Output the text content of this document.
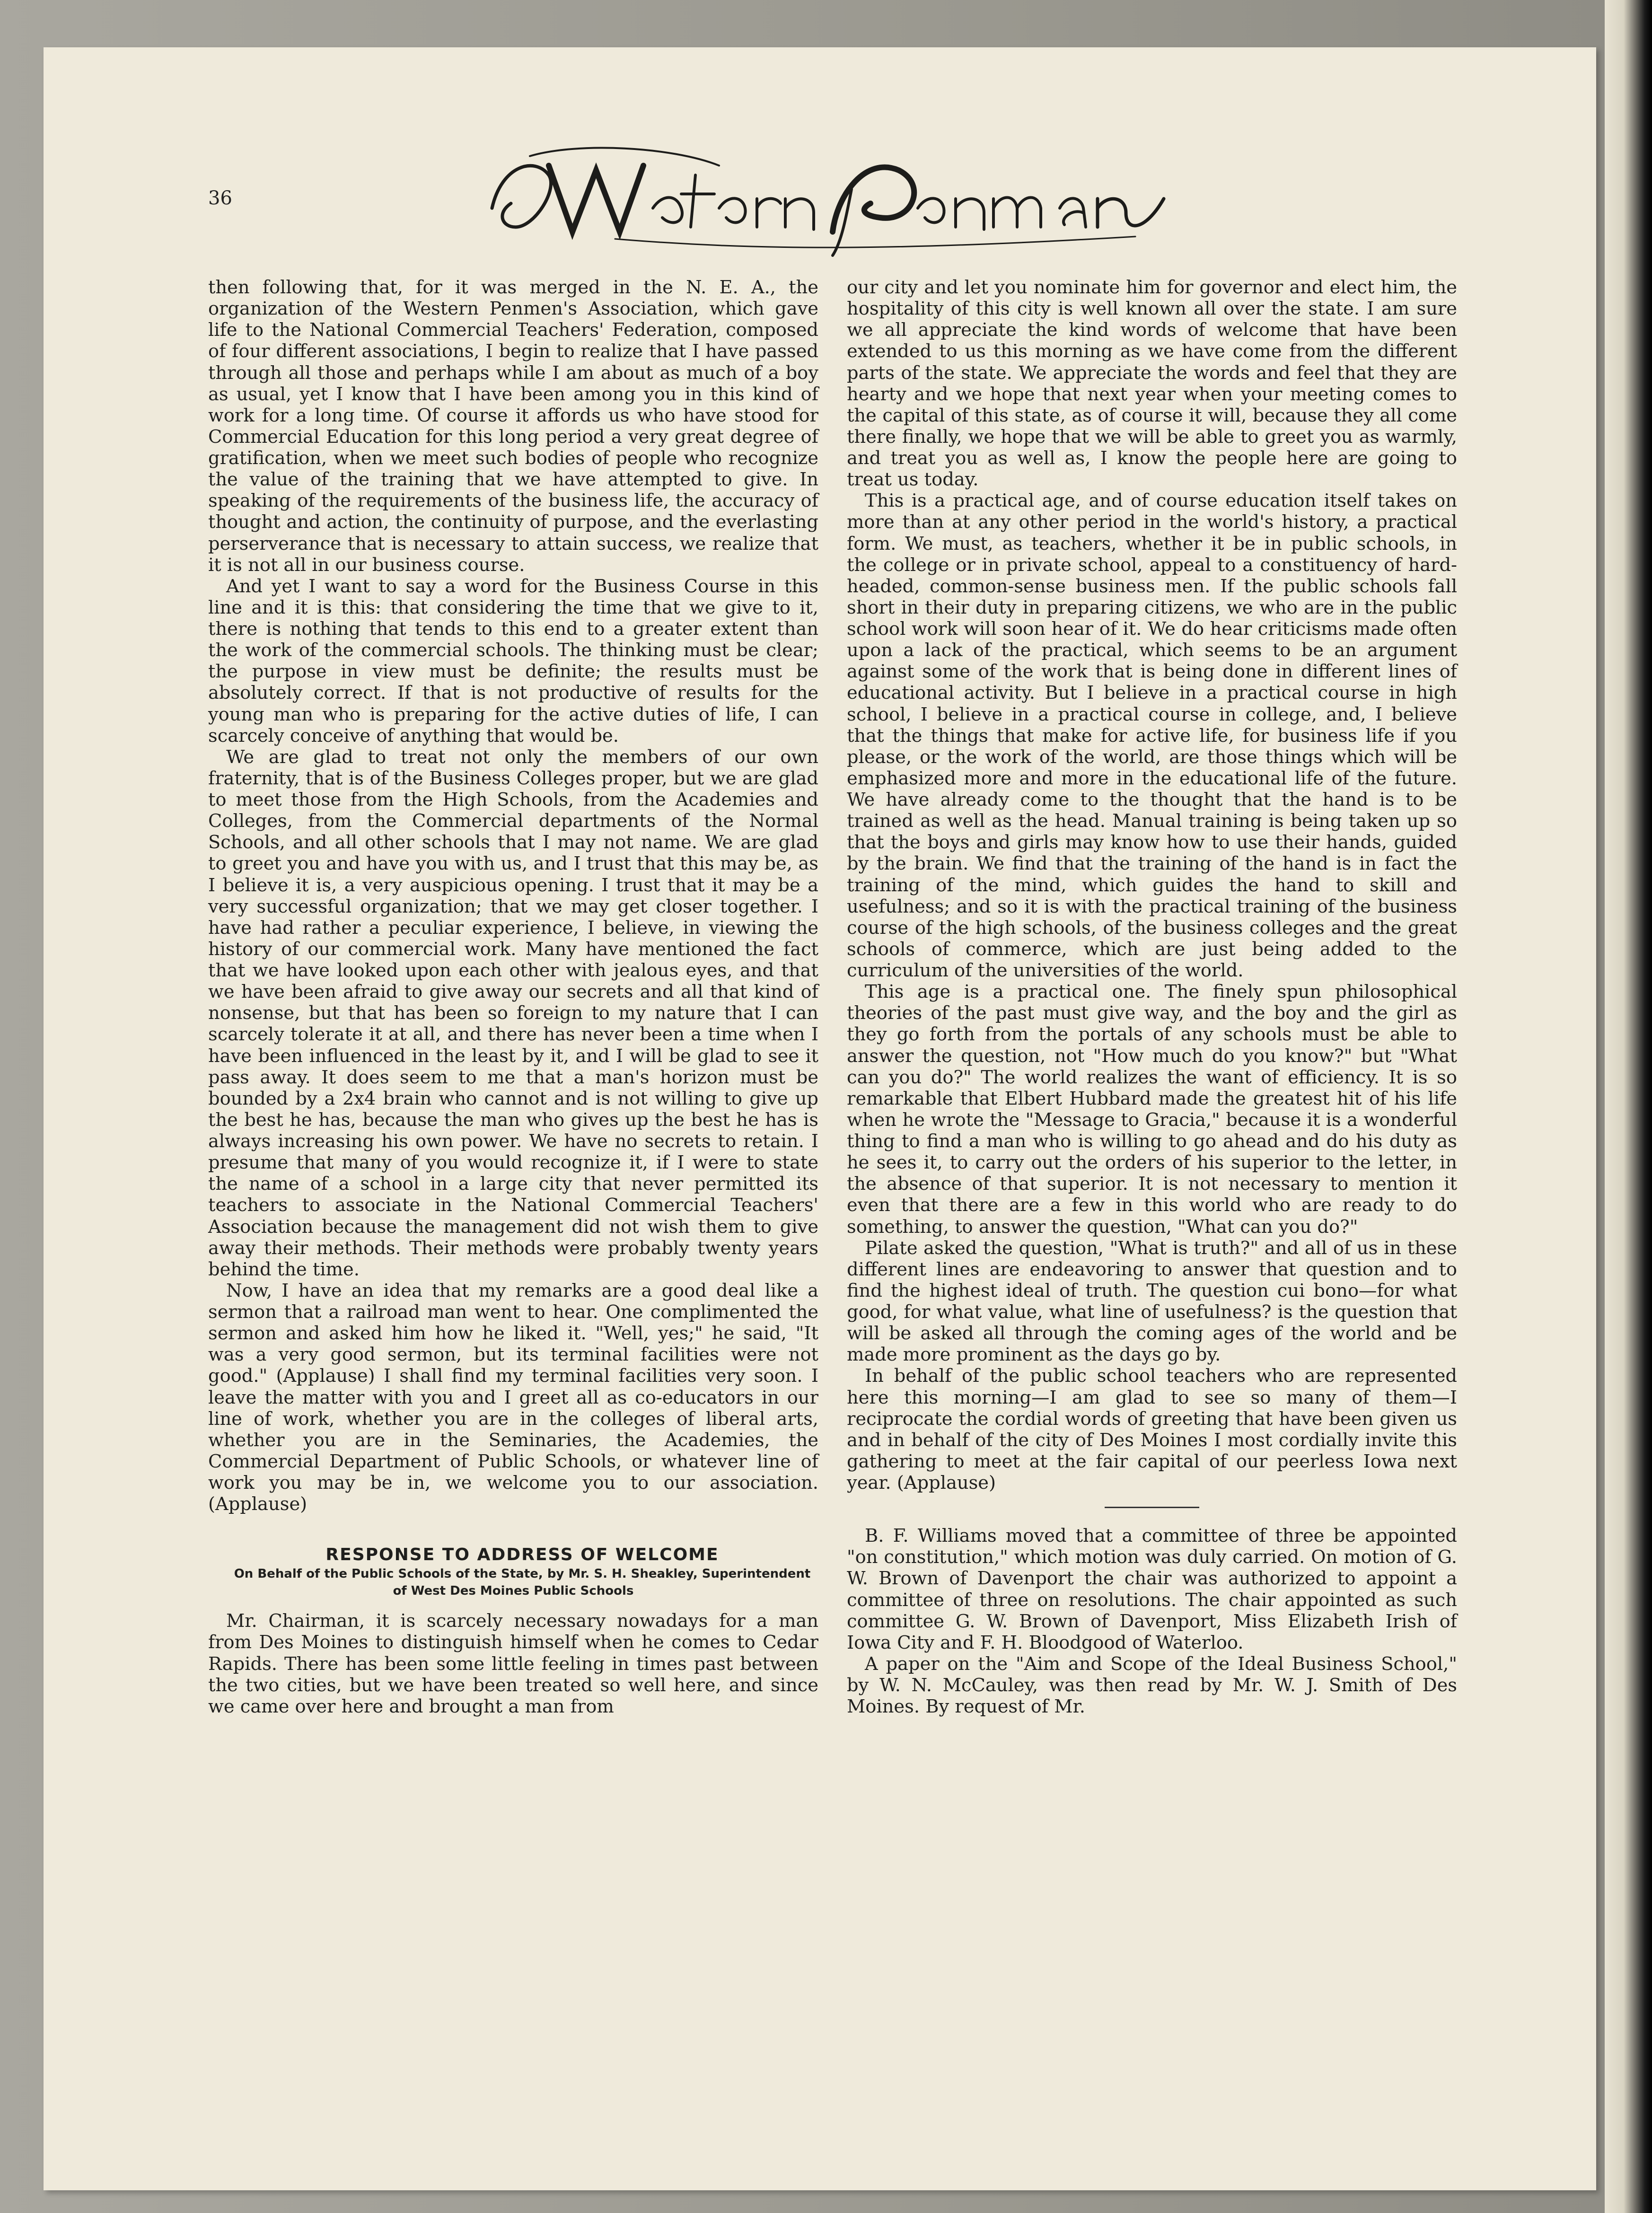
36

then following that, for it was merged in the N. E. A., the organization of the Western Penmen's Association, which gave life to the National Commercial Teachers' Federation, composed of four different associations, I begin to realize that I have passed through all those and perhaps while I am about as much of a boy as usual, yet I know that I have been among you in this kind of work for a long time. Of course it affords us who have stood for Commercial Education for this long period a very great degree of gratification, when we meet such bodies of people who recognize the value of the training that we have attempted to give. In speaking of the requirements of the business life, the accuracy of thought and action, the continuity of purpose, and the everlasting perserverance that is necessary to attain success, we realize that it is not all in our business course.

And yet I want to say a word for the Business Course in this line and it is this: that considering the time that we give to it, there is nothing that tends to this end to a greater extent than the work of the commercial schools. The thinking must be clear; the purpose in view must be definite; the results must be absolutely correct. If that is not productive of results for the young man who is preparing for the active duties of life, I can scarcely conceive of anything that would be.

We are glad to treat not only the members of our own fraternity, that is of the Business Colleges proper, but we are glad to meet those from the High Schools, from the Academies and Colleges, from the Commercial departments of the Normal Schools, and all other schools that I may not name. We are glad to greet you and have you with us, and I trust that this may be, as I believe it is, a very auspicious opening. I trust that it may be a very successful organization; that we may get closer together. I have had rather a peculiar experience, I believe, in viewing the history of our commercial work. Many have mentioned the fact that we have looked upon each other with jealous eyes, and that we have been afraid to give away our secrets and all that kind of nonsense, but that has been so foreign to my nature that I can scarcely tolerate it at all, and there has never been a time when I have been influenced in the least by it, and I will be glad to see it pass away. It does seem to me that a man's horizon must be bounded by a 2x4 brain who cannot and is not willing to give up the best he has, because the man who gives up the best he has is always increasing his own power. We have no secrets to retain. I presume that many of you would recognize it, if I were to state the name of a school in a large city that never permitted its teachers to associate in the National Commercial Teachers' Association because the management did not wish them to give away their methods. Their methods were probably twenty years behind the time.

Now, I have an idea that my remarks are a good deal like a sermon that a railroad man went to hear. One complimented the sermon and asked him how he liked it. "Well, yes;" he said, "It was a very good sermon, but its terminal facilities were not good." (Applause) I shall find my terminal facilities very soon. I leave the matter with you and I greet all as co-educators in our line of work, whether you are in the colleges of liberal arts, whether you are in the Seminaries, the Academies, the Commercial Department of Public Schools, or whatever line of work you may be in, we welcome you to our association. (Applause)

RESPONSE TO ADDRESS OF WELCOME

On Behalf of the Public Schools of the State, by Mr. S. H. Sheakley, Superintendent of West Des Moines Public Schools

Mr. Chairman, it is scarcely necessary nowadays for a man from Des Moines to distinguish himself when he comes to Cedar Rapids. There has been some little feeling in times past between the two cities, but we have been treated so well here, and since we came over here and brought a man from

our city and let you nominate him for governor and elect him, the hospitality of this city is well known all over the state. I am sure we all appreciate the kind words of welcome that have been extended to us this morning as we have come from the different parts of the state. We appreciate the words and feel that they are hearty and we hope that next year when your meeting comes to the capital of this state, as of course it will, because they all come there finally, we hope that we will be able to greet you as warmly, and treat you as well as, I know the people here are going to treat us today.

This is a practical age, and of course education itself takes on more than at any other period in the world's history, a practical form. We must, as teachers, whether it be in public schools, in the college or in private school, appeal to a constituency of hard-headed, common-sense business men. If the public schools fall short in their duty in preparing citizens, we who are in the public school work will soon hear of it. We do hear criticisms made often upon a lack of the practical, which seems to be an argument against some of the work that is being done in different lines of educational activity. But I believe in a practical course in high school, I believe in a practical course in college, and, I believe that the things that make for active life, for business life if you please, or the work of the world, are those things which will be emphasized more and more in the educational life of the future. We have already come to the thought that the hand is to be trained as well as the head. Manual training is being taken up so that the boys and girls may know how to use their hands, guided by the brain. We find that the training of the hand is in fact the training of the mind, which guides the hand to skill and usefulness; and so it is with the practical training of the business course of the high schools, of the business colleges and the great schools of commerce, which are just being added to the curriculum of the universities of the world.

This age is a practical one. The finely spun philosophical theories of the past must give way, and the boy and the girl as they go forth from the portals of any schools must be able to answer the question, not "How much do you know?" but "What can you do?" The world realizes the want of efficiency. It is so remarkable that Elbert Hubbard made the greatest hit of his life when he wrote the "Message to Gracia," because it is a wonderful thing to find a man who is willing to go ahead and do his duty as he sees it, to carry out the orders of his superior to the letter, in the absence of that superior. It is not necessary to mention it even that there are a few in this world who are ready to do something, to answer the question, "What can you do?"

Pilate asked the question, "What is truth?" and all of us in these different lines are endeavoring to answer that question and to find the highest ideal of truth. The question cui bono—for what good, for what value, what line of usefulness? is the question that will be asked all through the coming ages of the world and be made more prominent as the days go by.

In behalf of the public school teachers who are represented here this morning—I am glad to see so many of them—I reciprocate the cordial words of greeting that have been given us and in behalf of the city of Des Moines I most cordially invite this gathering to meet at the fair capital of our peerless Iowa next year. (Applause)

B. F. Williams moved that a committee of three be appointed "on constitution," which motion was duly carried. On motion of G. W. Brown of Davenport the chair was authorized to appoint a committee of three on resolutions. The chair appointed as such committee G. W. Brown of Davenport, Miss Elizabeth Irish of Iowa City and F. H. Bloodgood of Waterloo.

A paper on the "Aim and Scope of the Ideal Business School," by W. N. McCauley, was then read by Mr. W. J. Smith of Des Moines. By request of Mr.
